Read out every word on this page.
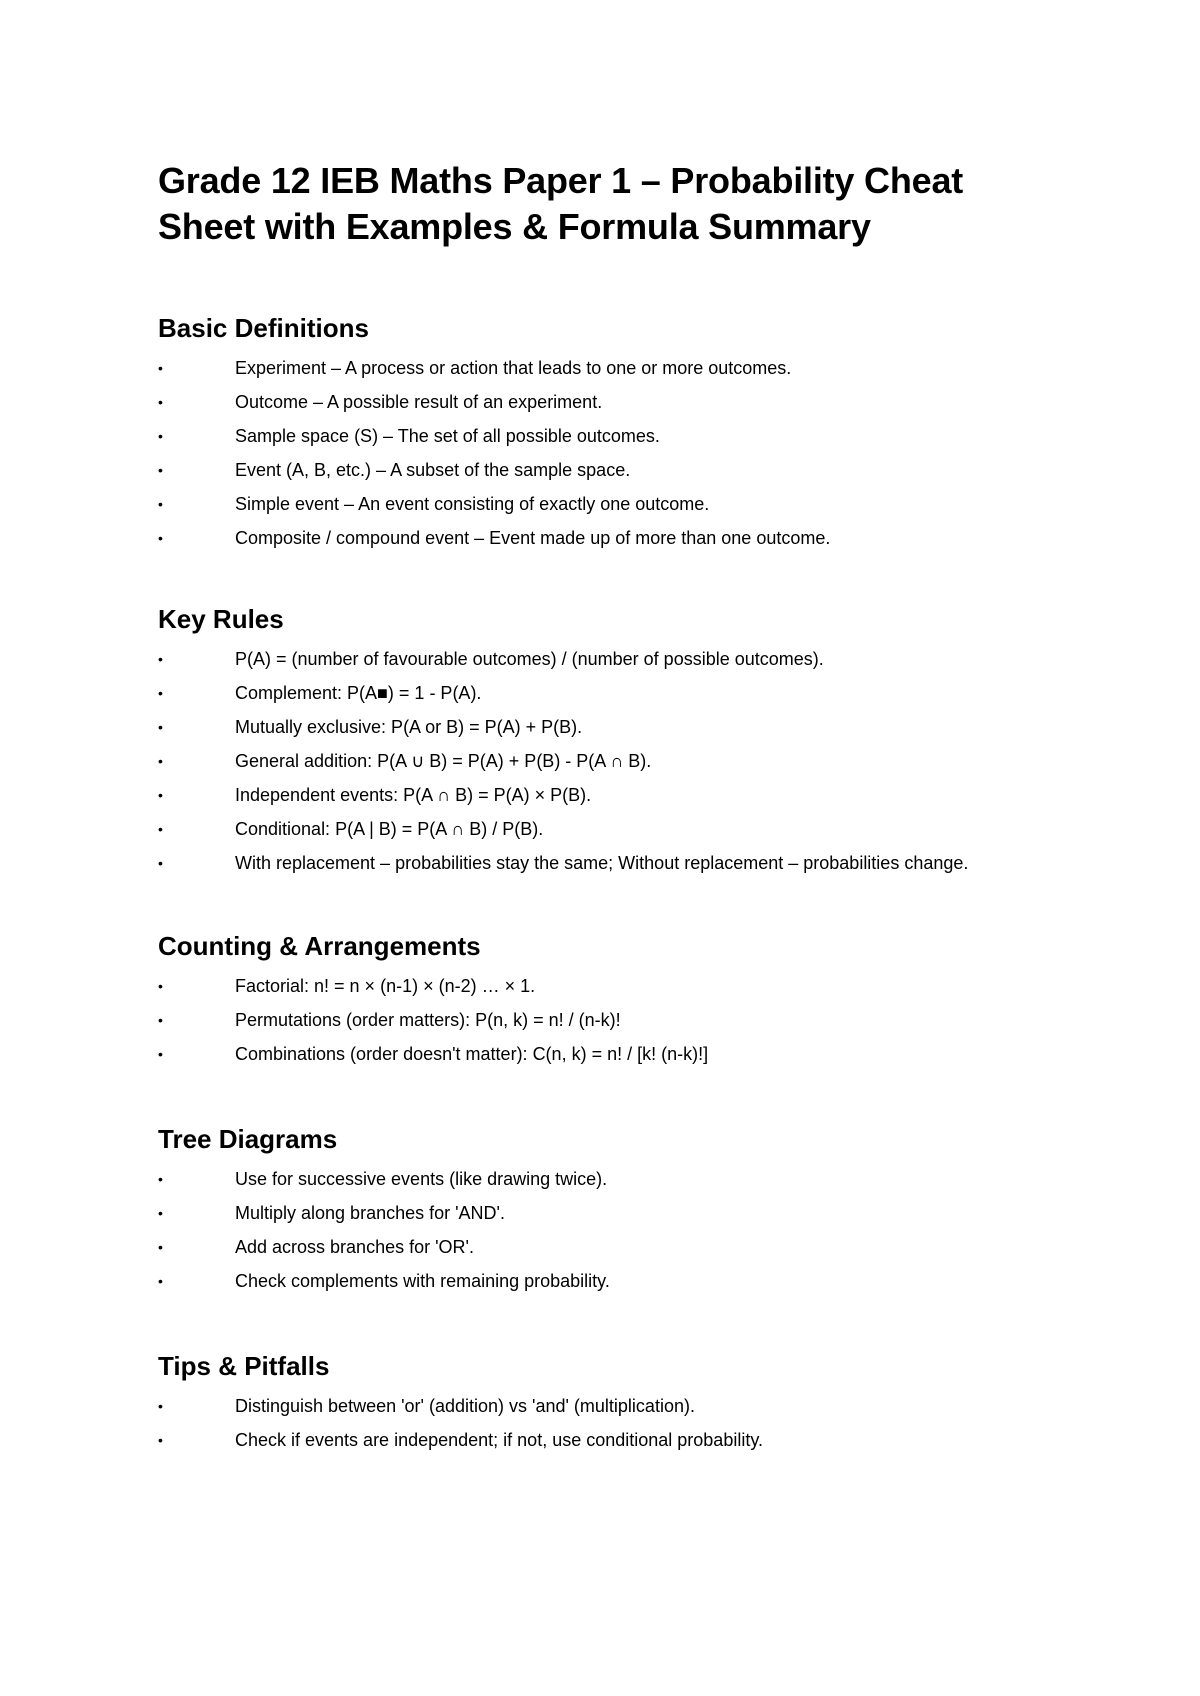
Grade 12 IEB Maths Paper 1 – Probability Cheat Sheet with Examples & Formula Summary
Basic Definitions
•	Experiment – A process or action that leads to one or more outcomes.
•	Outcome – A possible result of an experiment.
•	Sample space (S) – The set of all possible outcomes.
•	Event (A, B, etc.) – A subset of the sample space.
•	Simple event – An event consisting of exactly one outcome.
•	Composite / compound event – Event made up of more than one outcome.
Key Rules
•	P(A) = (number of favourable outcomes) / (number of possible outcomes).
•	Complement: P(A■) = 1 - P(A).
•	Mutually exclusive: P(A or B) = P(A) + P(B).
•	General addition: P(A ∪ B) = P(A) + P(B) - P(A ∩ B).
•	Independent events: P(A ∩ B) = P(A) × P(B).
•	Conditional: P(A | B) = P(A ∩ B) / P(B).
•	With replacement – probabilities stay the same; Without replacement – probabilities change.
Counting & Arrangements
•	Factorial: n! = n × (n-1) × (n-2) … × 1.
•	Permutations (order matters): P(n, k) = n! / (n-k)!
•	Combinations (order doesn't matter): C(n, k) = n! / [k! (n-k)!]
Tree Diagrams
•	Use for successive events (like drawing twice).
•	Multiply along branches for 'AND'.
•	Add across branches for 'OR'.
•	Check complements with remaining probability.
Tips & Pitfalls
•	Distinguish between 'or' (addition) vs 'and' (multiplication).
•	Check if events are independent; if not, use conditional probability.
